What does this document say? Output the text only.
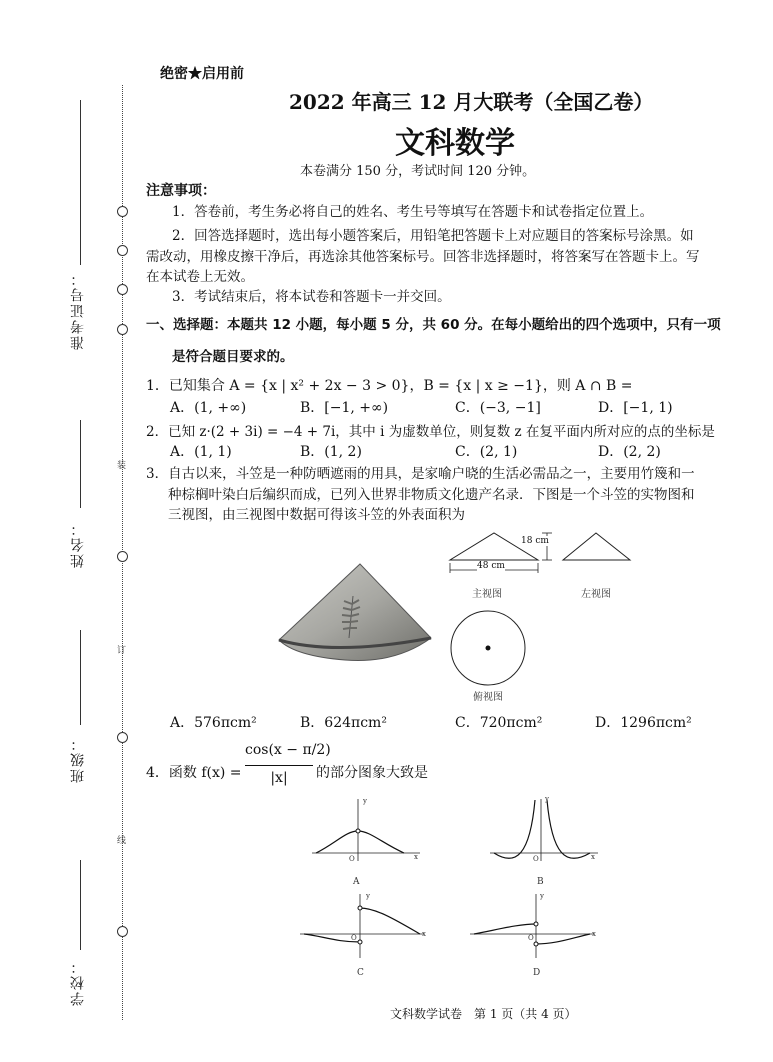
装
订
线
准考证号：
姓名：
班级：
学校：
绝密★启用前
2022 年高三 12 月大联考（全国乙卷）
文科数学
本卷满分 150 分，考试时间 120 分钟。
注意事项：
1．答卷前，考生务必将自己的姓名、考生号等填写在答题卡和试卷指定位置上。
2．回答选择题时，选出每小题答案后，用铅笔把答题卡上对应题目的答案标号涂黑。如
需改动，用橡皮擦干净后，再选涂其他答案标号。回答非选择题时，将答案写在答题卡上。写
在本试卷上无效。
3．考试结束后，将本试卷和答题卡一并交回。
一、选择题：本题共 12 小题，每小题 5 分，共 60 分。在每小题给出的四个选项中，只有一项
是符合题目要求的。
1．已知集合 A = {x | x² + 2x − 3 > 0}，B = {x | x ≥ −1}，则 A ∩ B =
A．(1, +∞)	B．[−1, +∞)	C．(−3, −1]	D．[−1, 1)
2．已知 z·(2 + 3i) = −4 + 7i，其中 i 为虚数单位，则复数 z 在复平面内所对应的点的坐标是
A．(1, 1)	B．(1, 2)	C．(2, 1)	D．(2, 2)
3．自古以来，斗笠是一种防晒遮雨的用具，是家喻户晓的生活必需品之一，主要用竹篾和一
种棕榈叶染白后编织而成，已列入世界非物质文化遗产名录．下图是一个斗笠的实物图和
三视图，由三视图中数据可得该斗笠的外表面积为
18 cm
48 cm
主视图	左视图
俯视图
A．576πcm²	B．624πcm²	C．720πcm²	D．1296πcm²
4．函数 f(x) =
cos(x − π/2)
|x|	的部分图象大致是
y
x
O
A
y
x
O
B
y
x
O
C
y
x
O
D
文科数学试卷　第 1 页（共 4 页）
